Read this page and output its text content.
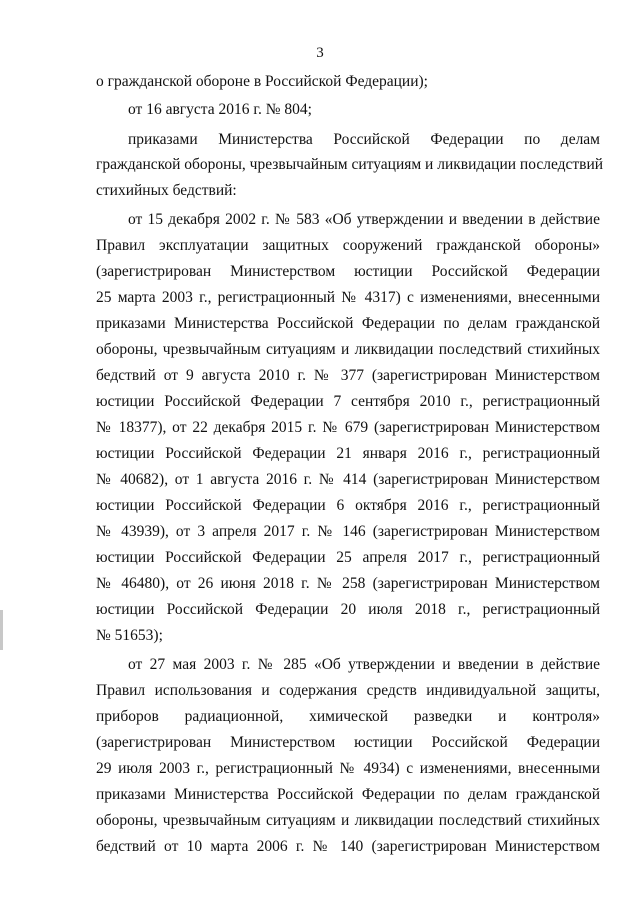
3
о гражданской обороне в Российской Федерации);
от 16 августа 2016 г. № 804;
приказами Министерства Российской Федерации по делам
гражданской обороны, чрезвычайным ситуациям и ликвидации последствий
стихийных бедствий:
от 15 декабря 2002 г. № 583 «Об утверждении и введении в действие
Правил эксплуатации защитных сооружений гражданской обороны»
(зарегистрирован Министерством юстиции Российской Федерации
25 марта 2003 г., регистрационный № 4317) с изменениями, внесенными
приказами Министерства Российской Федерации по делам гражданской
обороны, чрезвычайным ситуациям и ликвидации последствий стихийных
бедствий от 9 августа 2010 г. № 377 (зарегистрирован Министерством
юстиции Российской Федерации 7 сентября 2010 г., регистрационный
№ 18377), от 22 декабря 2015 г. № 679 (зарегистрирован Министерством
юстиции Российской Федерации 21 января 2016 г., регистрационный
№ 40682), от 1 августа 2016 г. № 414 (зарегистрирован Министерством
юстиции Российской Федерации 6 октября 2016 г., регистрационный
№ 43939), от 3 апреля 2017 г. № 146 (зарегистрирован Министерством
юстиции Российской Федерации 25 апреля 2017 г., регистрационный
№ 46480), от 26 июня 2018 г. № 258 (зарегистрирован Министерством
юстиции Российской Федерации 20 июля 2018 г., регистрационный
№ 51653);
от 27 мая 2003 г. № 285 «Об утверждении и введении в действие
Правил использования и содержания средств индивидуальной защиты,
приборов радиационной, химической разведки и контроля»
(зарегистрирован Министерством юстиции Российской Федерации
29 июля 2003 г., регистрационный № 4934) с изменениями, внесенными
приказами Министерства Российской Федерации по делам гражданской
обороны, чрезвычайным ситуациям и ликвидации последствий стихийных
бедствий от 10 марта 2006 г. № 140 (зарегистрирован Министерством
